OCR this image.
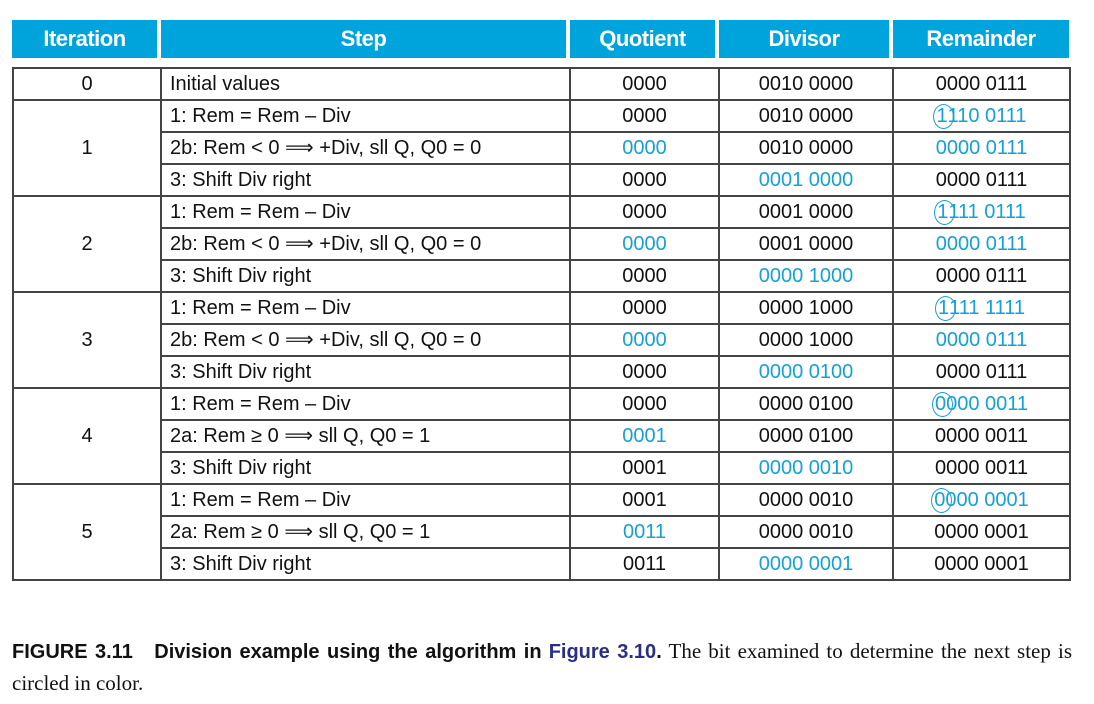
Iteration	Step	Quotient	Divisor	Remainder
0	Initial values	0000	0010 0000	0000 0111
1	1: Rem = Rem – Div	0000	0010 0000	1110 0111
	2b: Rem < 0 ⟹ +Div, sll Q, Q0 = 0	0000	0010 0000	0000 0111
	3: Shift Div right	0000	0001 0000	0000 0111
2	1: Rem = Rem – Div	0000	0001 0000	1111 0111
	2b: Rem < 0 ⟹ +Div, sll Q, Q0 = 0	0000	0001 0000	0000 0111
	3: Shift Div right	0000	0000 1000	0000 0111
3	1: Rem = Rem – Div	0000	0000 1000	1111 1111
	2b: Rem < 0 ⟹ +Div, sll Q, Q0 = 0	0000	0000 1000	0000 0111
	3: Shift Div right	0000	0000 0100	0000 0111
4	1: Rem = Rem – Div	0000	0000 0100	0000 0011
	2a: Rem ≥ 0 ⟹ sll Q, Q0 = 1	0001	0000 0100	0000 0011
	3: Shift Div right	0001	0000 0010	0000 0011
5	1: Rem = Rem – Div	0001	0000 0010	0000 0001
	2a: Rem ≥ 0 ⟹ sll Q, Q0 = 1	0011	0000 0010	0000 0001
	3: Shift Div right	0011	0000 0001	0000 0001
FIGURE 3.11 Division example using the algorithm in Figure 3.10. The bit examined to determine the next step is circled in color.
